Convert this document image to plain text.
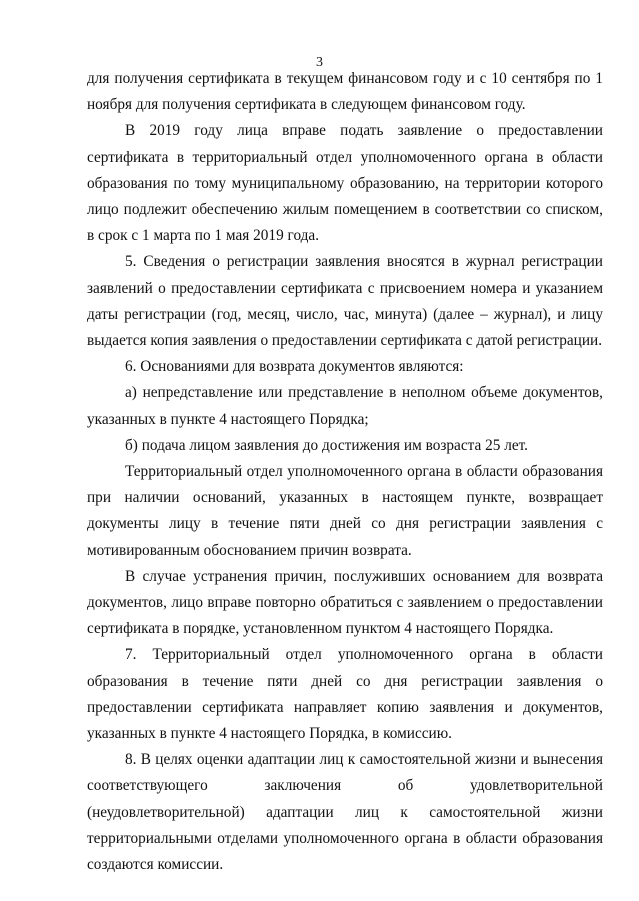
3

для получения сертификата в текущем финансовом году и с 10 сентября по 1 ноября для получения сертификата в следующем финансовом году.

В 2019 году лица вправе подать заявление о предоставлении сертификата в территориальный отдел уполномоченного органа в области образования по тому муниципальному образованию, на территории которого лицо подлежит обеспечению жилым помещением в соответствии со списком, в срок с 1 марта по 1 мая 2019 года.

5. Сведения о регистрации заявления вносятся в журнал регистрации заявлений о предоставлении сертификата с присвоением номера и указанием даты регистрации (год, месяц, число, час, минута) (далее – журнал), и лицу выдается копия заявления о предоставлении сертификата с датой регистрации.

6. Основаниями для возврата документов являются:

а) непредставление или представление в неполном объеме документов, указанных в пункте 4 настоящего Порядка;

б) подача лицом заявления до достижения им возраста 25 лет.

Территориальный отдел уполномоченного органа в области образования при наличии оснований, указанных в настоящем пункте, возвращает документы лицу в течение пяти дней со дня регистрации заявления с мотивированным обоснованием причин возврата.

В случае устранения причин, послуживших основанием для возврата документов, лицо вправе повторно обратиться с заявлением о предоставлении сертификата в порядке, установленном пунктом 4 настоящего Порядка.

7. Территориальный отдел уполномоченного органа в области образования в течение пяти дней со дня регистрации заявления о предоставлении сертификата направляет копию заявления и документов, указанных в пункте 4 настоящего Порядка, в комиссию.

8. В целях оценки адаптации лиц к самостоятельной жизни и вынесения соответствующего заключения об удовлетворительной (неудовлетворительной) адаптации лиц к самостоятельной жизни территориальными отделами уполномоченного органа в области образования создаются комиссии.
